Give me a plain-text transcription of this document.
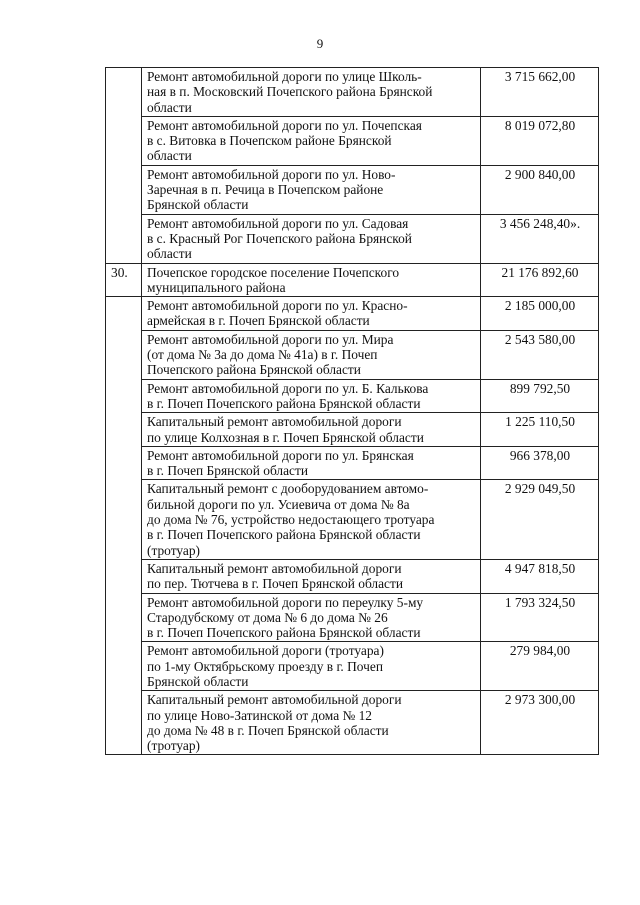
9

	Ремонт автомобильной дороги по улице Школь-
ная в п. Московский Почепского района Брянской
области	3 715 662,00

	Ремонт автомобильной дороги по ул. Почепская
в с. Витовка в Почепском районе Брянской
области	8 019 072,80

	Ремонт автомобильной дороги по ул. Ново-
Заречная в п. Речица в Почепском районе
Брянской области	2 900 840,00

	Ремонт автомобильной дороги по ул. Садовая
в с. Красный Рог Почепского района Брянской
области	3 456 248,40».
30.	Почепское городское поселение Почепского
муниципального района	21 176 892,60

	Ремонт автомобильной дороги по ул. Красно-
армейская в г. Почеп Брянской области	2 185 000,00

	Ремонт автомобильной дороги по ул. Мира
(от дома № 3а до дома № 41а) в г. Почеп
Почепского района Брянской области	2 543 580,00

	Ремонт автомобильной дороги по ул. Б. Калькова
в г. Почеп Почепского района Брянской области	899 792,50

	Капитальный ремонт автомобильной дороги
по улице Колхозная в г. Почеп Брянской области	1 225 110,50

	Ремонт автомобильной дороги по ул. Брянская
в г. Почеп Брянской области	966 378,00

	Капитальный ремонт с дооборудованием автомо-
бильной дороги по ул. Усиевича от дома № 8а
до дома № 76, устройство недостающего тротуара
в г. Почеп Почепского района Брянской области
(тротуар)	2 929 049,50

	Капитальный ремонт автомобильной дороги
по пер. Тютчева в г. Почеп Брянской области	4 947 818,50

	Ремонт автомобильной дороги по переулку 5-му
Стародубскому от дома № 6 до дома № 26
в г. Почеп Почепского района Брянской области	1 793 324,50

	Ремонт автомобильной дороги (тротуара)
по 1-му Октябрьскому проезду в г. Почеп
Брянской области	279 984,00

	Капитальный ремонт автомобильной дороги
по улице Ново-Затинской от дома № 12
до дома № 48 в г. Почеп Брянской области
(тротуар)	2 973 300,00
